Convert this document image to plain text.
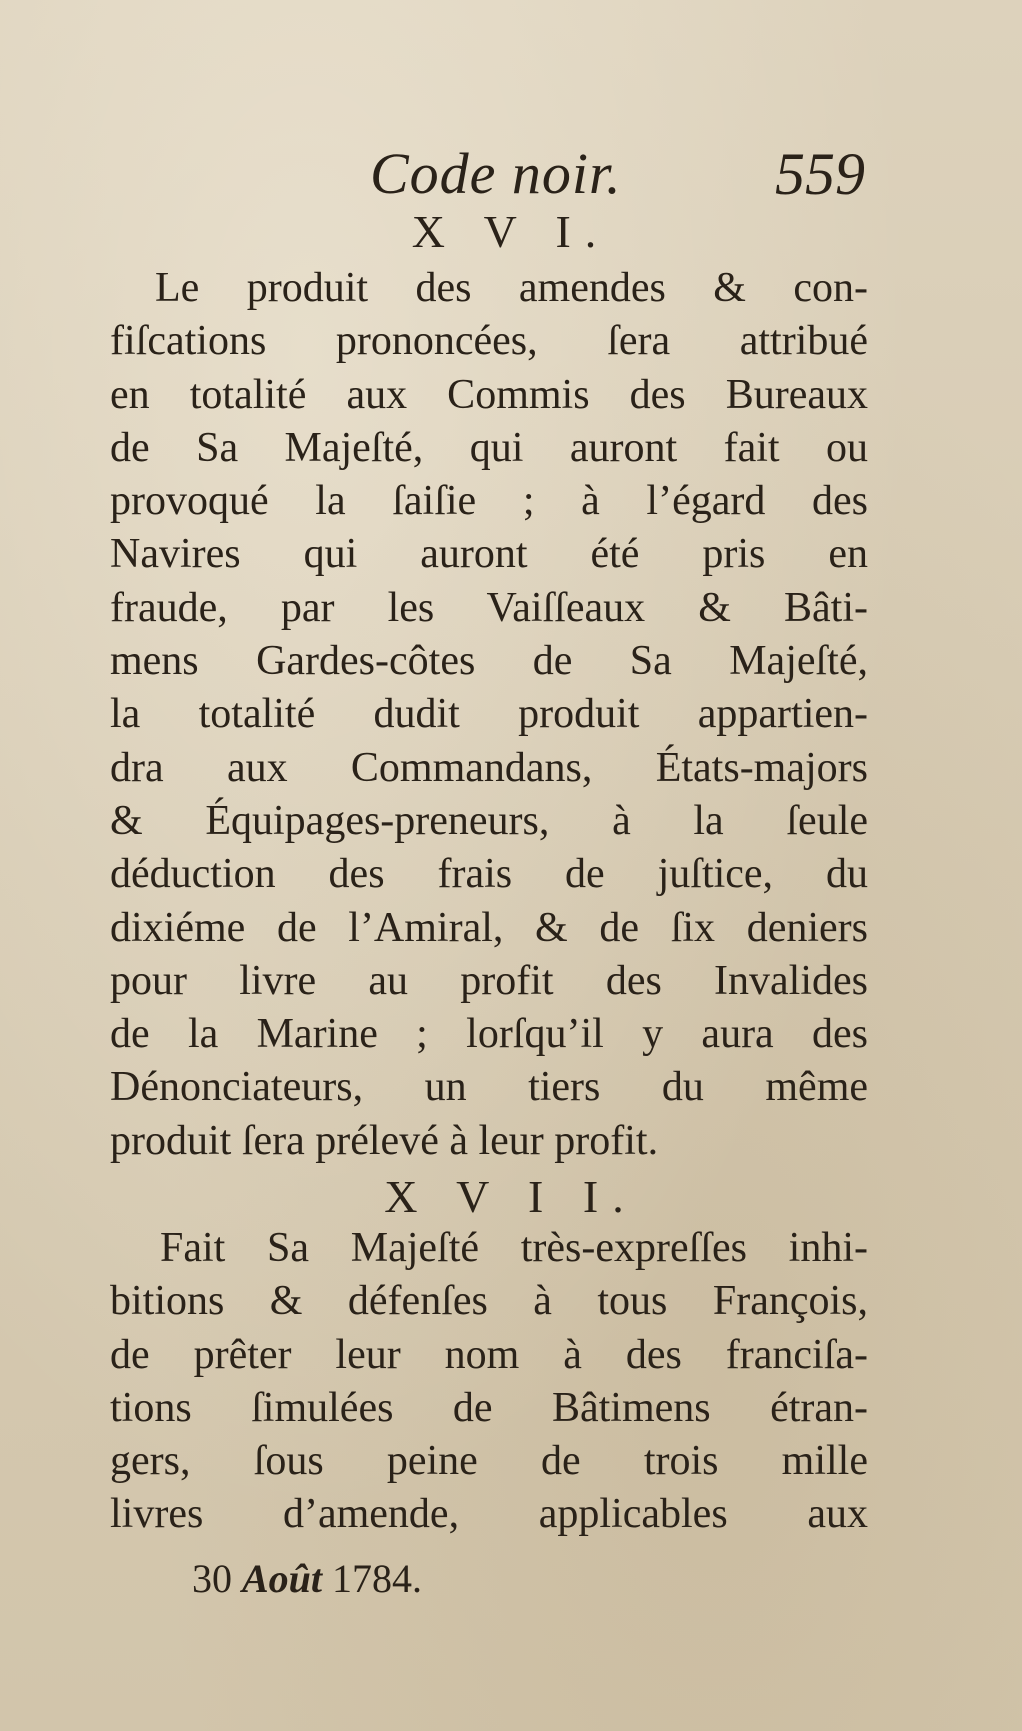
Code noir.	559
X V I.
Le produit des amendes & con-
fiſcations prononcées, ſera attribué
en totalité aux Commis des Bureaux
de Sa Majeſté, qui auront fait ou
provoqué la ſaiſie ; à l’égard des
Navires qui auront été pris en
fraude, par les Vaiſſeaux & Bâti-
mens Gardes-côtes de Sa Majeſté,
la totalité dudit produit appartien-
dra aux Commandans, États-majors
& Équipages-preneurs, à la ſeule
déduction des frais de juſtice, du
dixiéme de l’Amiral, & de ſix deniers
pour livre au profit des Invalides
de la Marine ; lorſqu’il y aura des
Dénonciateurs, un tiers du même
produit ſera prélevé à leur profit.
X V I I.
Fait Sa Majeſté très-expreſſes inhi-
bitions & défenſes à tous François,
de prêter leur nom à des franciſa-
tions ſimulées de Bâtimens étran-
gers, ſous peine de trois mille
livres d’amende, applicables aux
30 Août 1784.
